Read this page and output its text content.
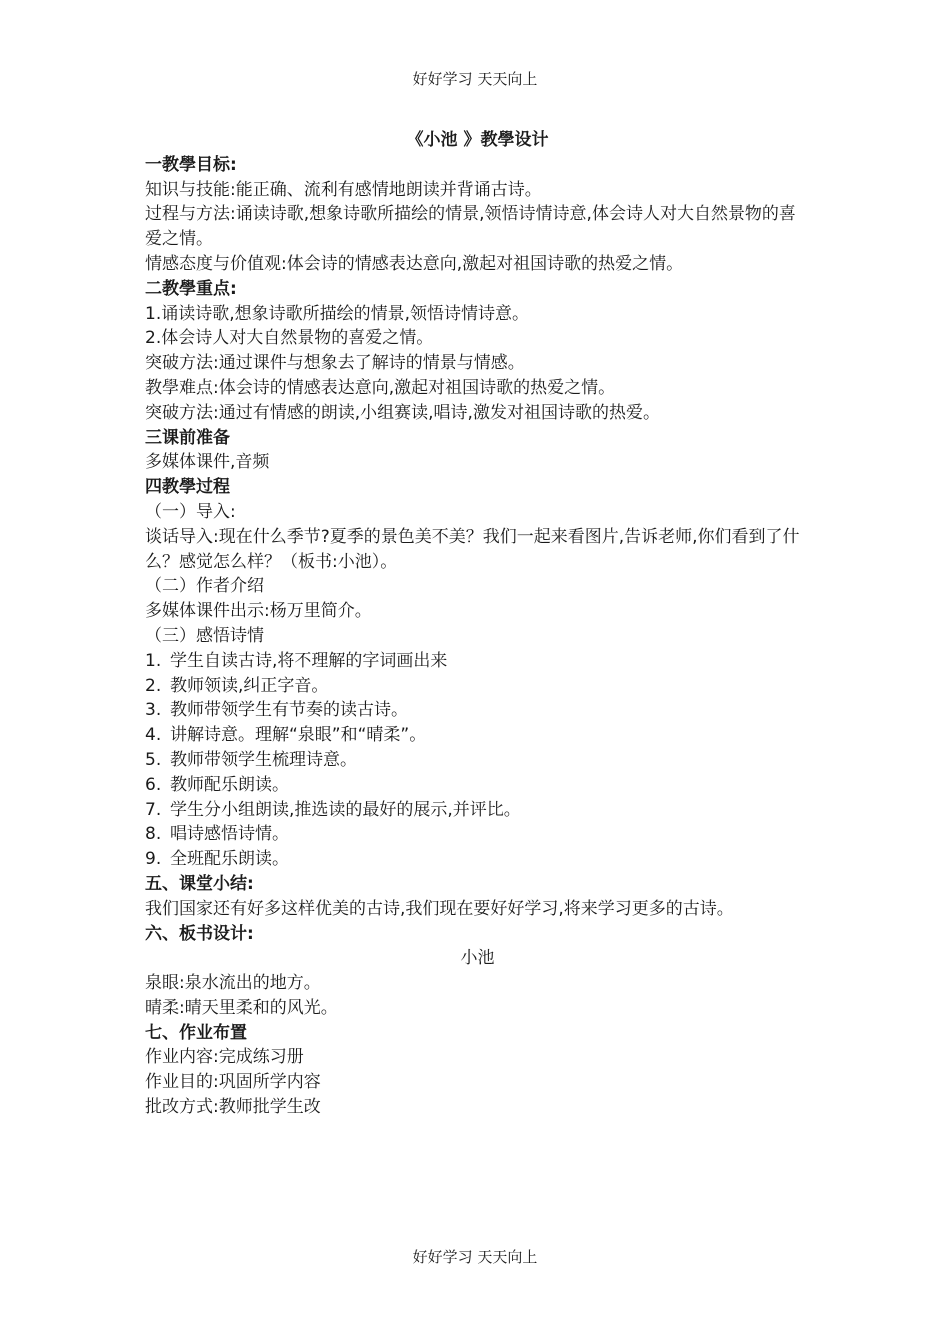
好好学习 天天向上
《小池 》教學设计
一教學目标:
知识与技能:能正确、流利有感情地朗读并背诵古诗。
过程与方法:诵读诗歌,想象诗歌所描绘的情景,领悟诗情诗意,体会诗人对大自然景物的喜爱之情。
情感态度与价值观:体会诗的情感表达意向,激起对祖国诗歌的热爱之情。
二教學重点:
1.诵读诗歌,想象诗歌所描绘的情景,领悟诗情诗意。
2.体会诗人对大自然景物的喜爱之情。
突破方法:通过课件与想象去了解诗的情景与情感。
教學难点:体会诗的情感表达意向,激起对祖国诗歌的热爱之情。
突破方法:通过有情感的朗读,小组赛读,唱诗,激发对祖国诗歌的热爱。
三课前准备
多媒体课件,音频
四教學过程
（一）导入:
谈话导入:现在什么季节?夏季的景色美不美？我们一起来看图片,告诉老师,你们看到了什么？感觉怎么样？（板书:小池）。
（二）作者介绍
多媒体课件出示:杨万里简介。
（三）感悟诗情
1. 学生自读古诗,将不理解的字词画出来
2. 教师领读,纠正字音。
3. 教师带领学生有节奏的读古诗。
4. 讲解诗意。理解“泉眼”和“晴柔”。
5. 教师带领学生梳理诗意。
6. 教师配乐朗读。
7. 学生分小组朗读,推选读的最好的展示,并评比。
8. 唱诗感悟诗情。
9. 全班配乐朗读。
五、课堂小结:
我们国家还有好多这样优美的古诗,我们现在要好好学习,将来学习更多的古诗。
六、板书设计:
小池
泉眼:泉水流出的地方。
晴柔:晴天里柔和的风光。
七、作业布置
作业内容:完成练习册
作业目的:巩固所学内容
批改方式:教师批学生改
好好学习 天天向上
